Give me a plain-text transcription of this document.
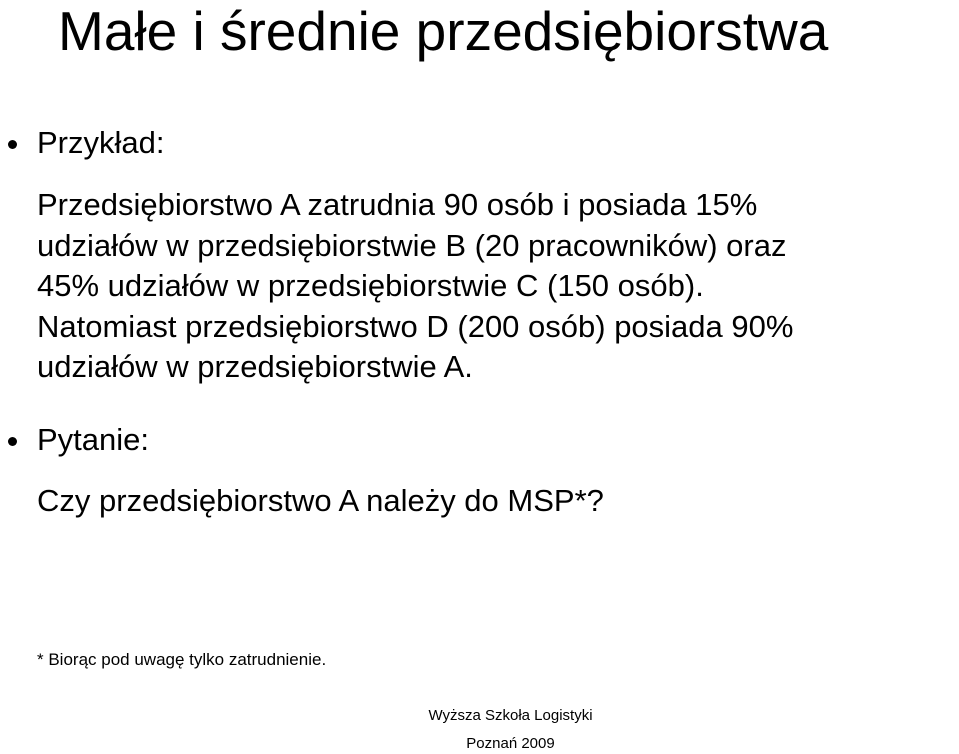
Małe i średnie przedsiębiorstwa
Przykład:
Przedsiębiorstwo A zatrudnia 90 osób i posiada 15%
udziałów w przedsiębiorstwie B (20 pracowników) oraz
45% udziałów w przedsiębiorstwie C (150 osób).
Natomiast przedsiębiorstwo D (200 osób) posiada 90%
udziałów w przedsiębiorstwie A.
Pytanie:
Czy przedsiębiorstwo A należy do MSP*?
* Biorąc pod uwagę tylko zatrudnienie.
Wyższa Szkoła Logistyki
Poznań 2009
